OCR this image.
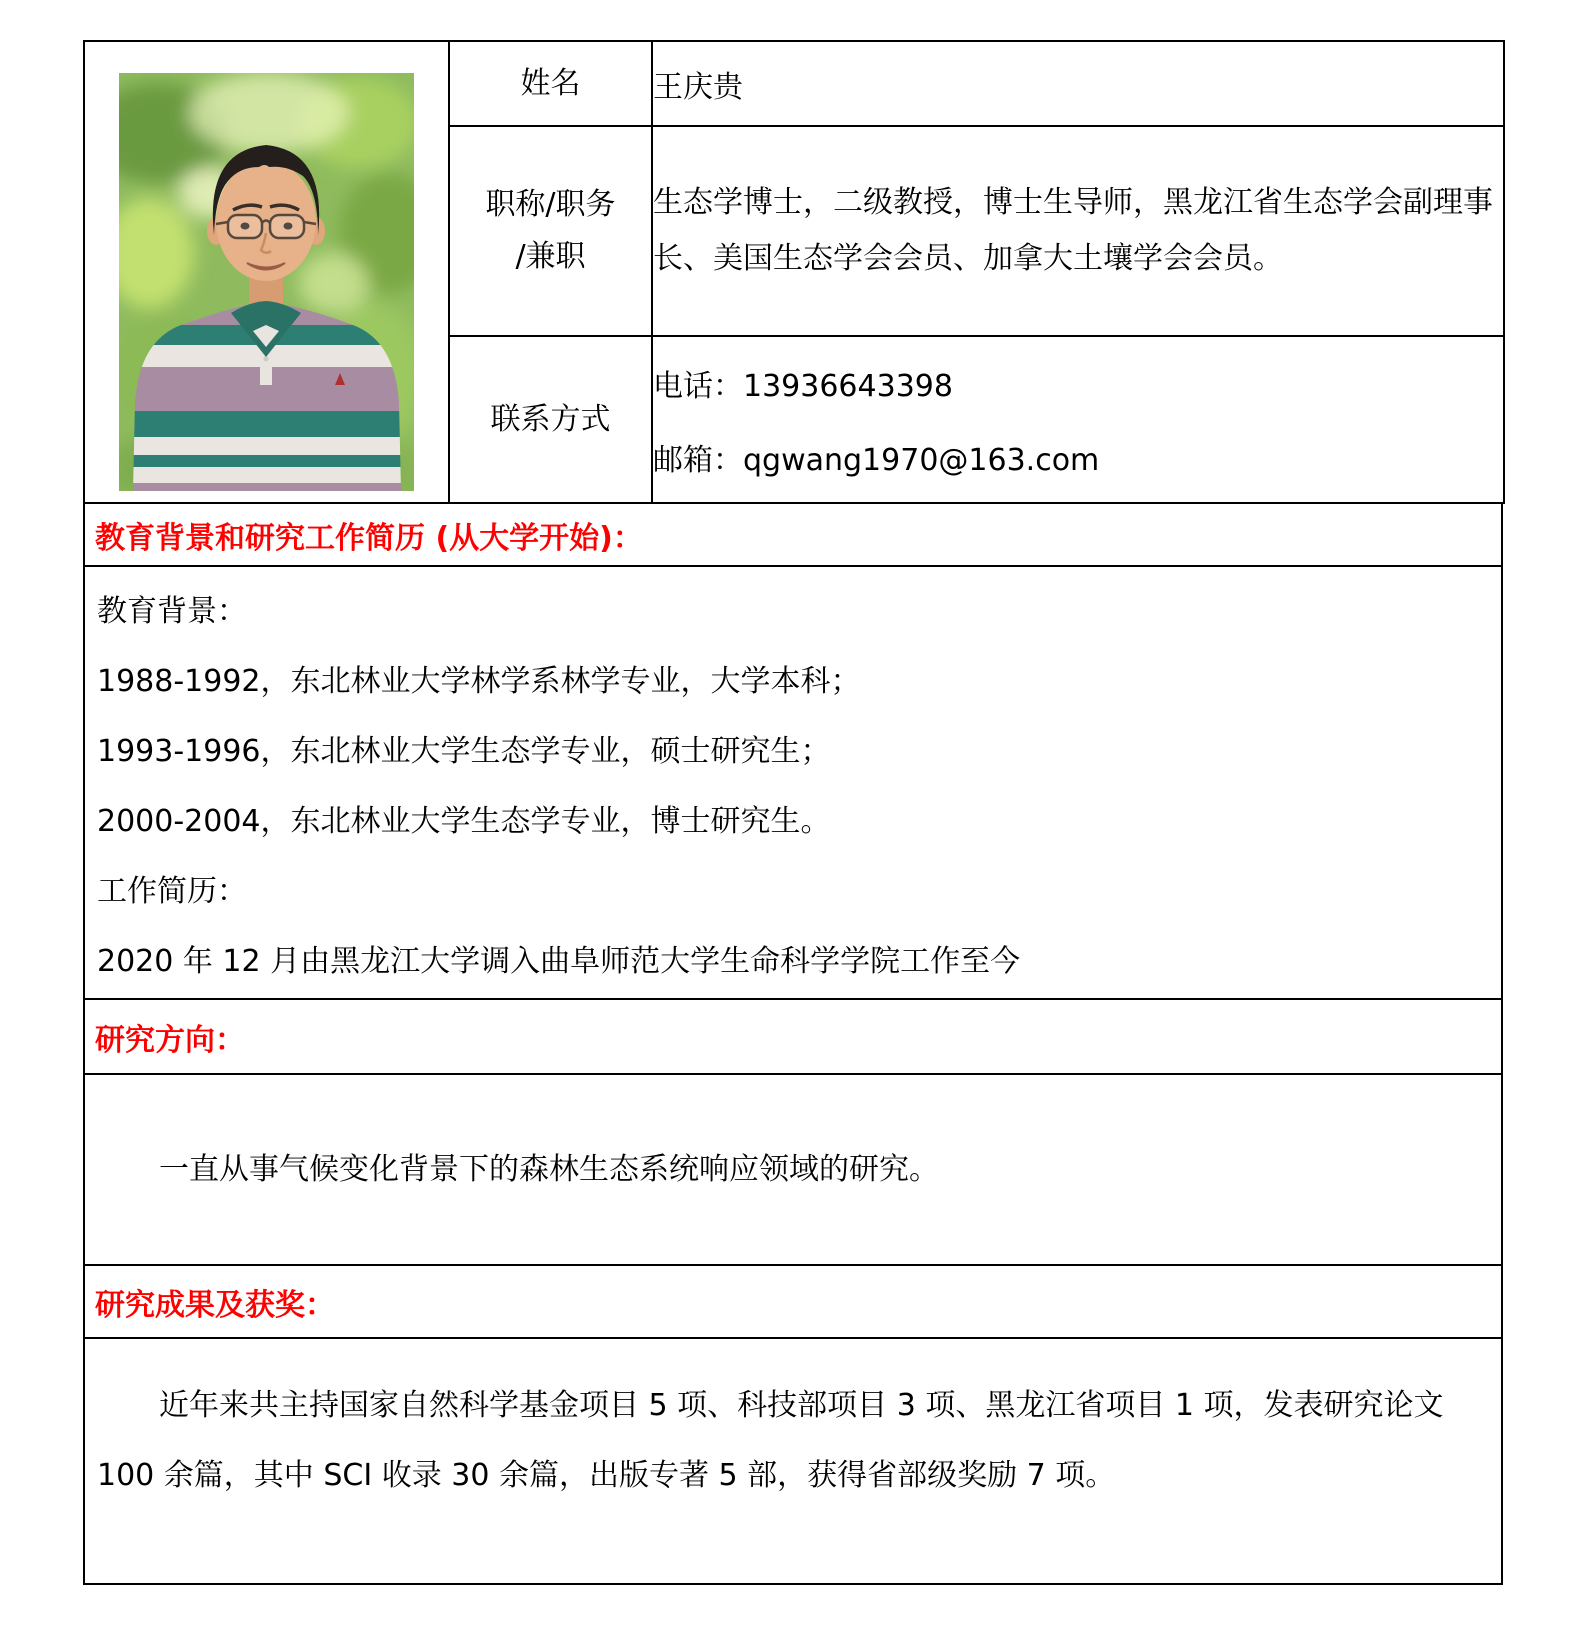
	姓名	王庆贵

	职称/职务
/兼职	生态学博士，二级教授，博士生导师，黑龙江省生态学会副理事长、美国生态学会会员、加拿大土壤学会会员。

	联系方式	电话：13936643398
邮箱：qgwang1970@163.com
教育背景和研究工作简历 (从大学开始)：

教育背景：

1988-1992，东北林业大学林学系林学专业，大学本科；

1993-1996，东北林业大学生态学专业，硕士研究生；

2000-2004，东北林业大学生态学专业，博士研究生。

工作简历：

2020 年 12 月由黑龙江大学调入曲阜师范大学生命科学学院工作至今

研究方向：

一直从事气候变化背景下的森林生态系统响应领域的研究。

研究成果及获奖：

近年来共主持国家自然科学基金项目 5 项、科技部项目 3 项、黑龙江省项目 1 项，发表研究论文 100 余篇，其中 SCI 收录 30 余篇，出版专著 5 部，获得省部级奖励 7 项。
